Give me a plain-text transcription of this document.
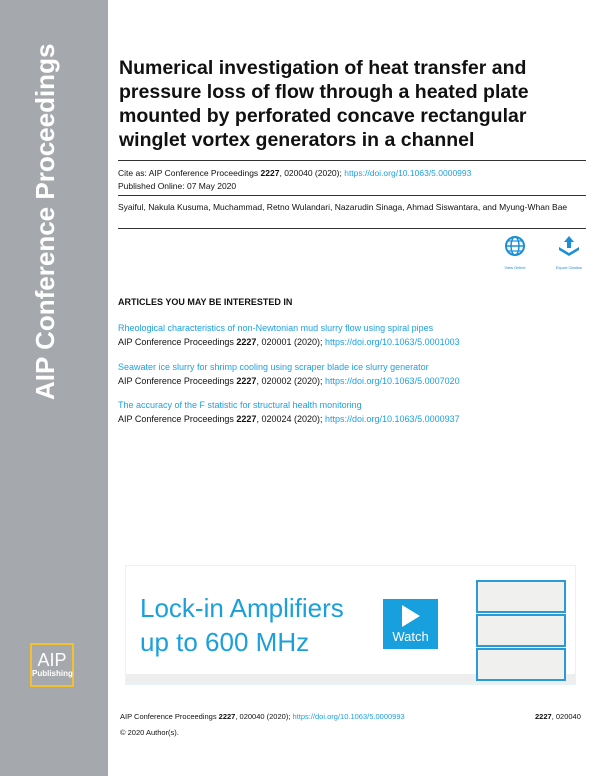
AIP Conference Proceedings
AIP
Publishing
Numerical investigation of heat transfer and pressure loss of flow through a heated plate mounted by perforated concave rectangular winglet vortex generators in a channel
Cite as: AIP Conference Proceedings 2227, 020040 (2020); https://doi.org/10.1063/5.0000993
Published Online: 07 May 2020
Syaiful, Nakula Kusuma, Muchammad, Retno Wulandari, Nazarudin Sinaga, Ahmad Siswantara, and Myung-Whan Bae
View Online	Export Citation
ARTICLES YOU MAY BE INTERESTED IN
Rheological characteristics of non-Newtonian mud slurry flow using spiral pipes
AIP Conference Proceedings 2227, 020001 (2020); https://doi.org/10.1063/5.0001003
Seawater ice slurry for shrimp cooling using scraper blade ice slurry generator
AIP Conference Proceedings 2227, 020002 (2020); https://doi.org/10.1063/5.0007020
The accuracy of the F statistic for structural health monitoring
AIP Conference Proceedings 2227, 020024 (2020); https://doi.org/10.1063/5.0000937
Lock-in Amplifiers
up to 600 MHz	Watch
AIP Conference Proceedings 2227, 020040 (2020); https://doi.org/10.1063/5.0000993	2227, 020040
© 2020 Author(s).
